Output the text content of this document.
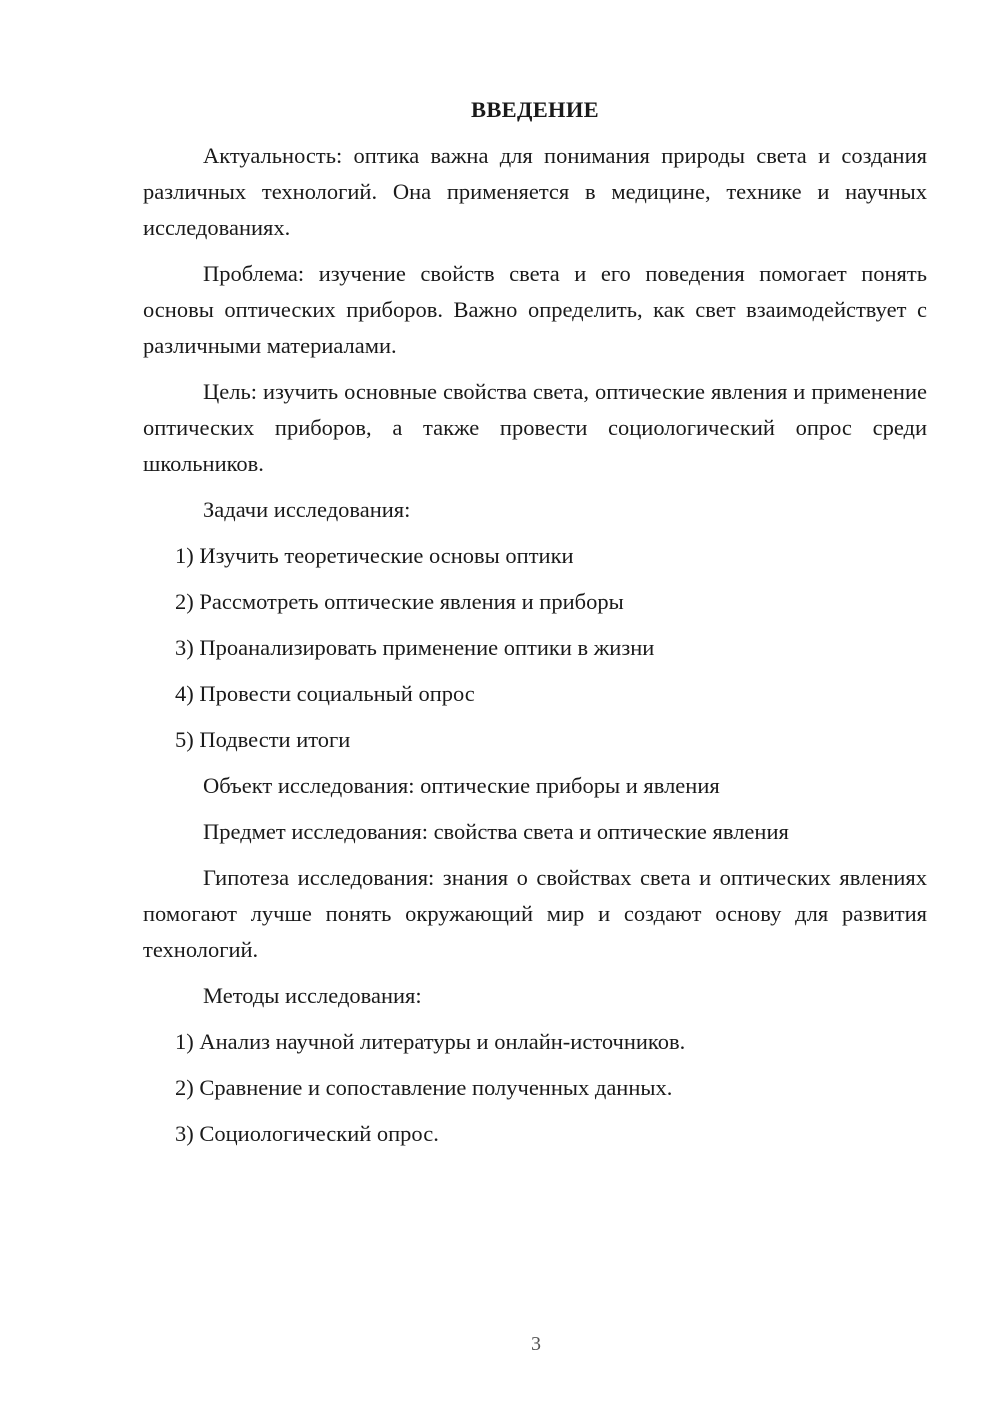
ВВЕДЕНИЕ

Актуальность: оптика важна для понимания природы света и создания различных технологий. Она применяется в медицине, технике и научных исследованиях.

Проблема: изучение свойств света и его поведения помогает понять основы оптических приборов. Важно определить, как свет взаимодействует с различными материалами.

Цель: изучить основные свойства света, оптические явления и применение оптических приборов, а также провести социологический опрос среди школьников.

Задачи исследования:

1) Изучить теоретические основы оптики
2) Рассмотреть оптические явления и приборы
3) Проанализировать применение оптики в жизни
4) Провести социальный опрос
5) Подвести итоги

Объект исследования: оптические приборы и явления

Предмет исследования: свойства света и оптические явления

Гипотеза исследования: знания о свойствах света и оптических явлениях помогают лучше понять окружающий мир и создают основу для развития технологий.

Методы исследования:

1) Анализ научной литературы и онлайн-источников.
2) Сравнение и сопоставление полученных данных.
3) Социологический опрос.
3
